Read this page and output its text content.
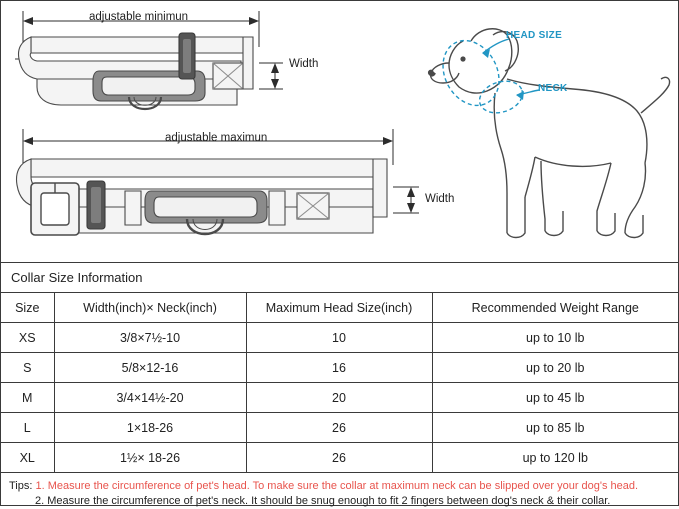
adjustable minimun
adjustable maximun
Width
Width
HEAD SIZE
NECK
Collar Size Information
Size	Width(inch)× Neck(inch)	Maximum Head Size(inch)	Recommended Weight Range
XS	3/8×7½-10	10	up to 10 lb
S	5/8×12-16	16	up to 20 lb
M	3/4×14½-20	20	up to 45 lb
L	1×18-26	26	up to 85 lb
XL	1½× 18-26	26	up to 120 lb
Tips: 1. Measure the circumference of pet's head. To make sure the collar at maximum neck can be slipped over your dog's head.
2. Measure the circumference of pet's neck. It should be snug enough to fit 2 fingers between dog's neck & their collar.
